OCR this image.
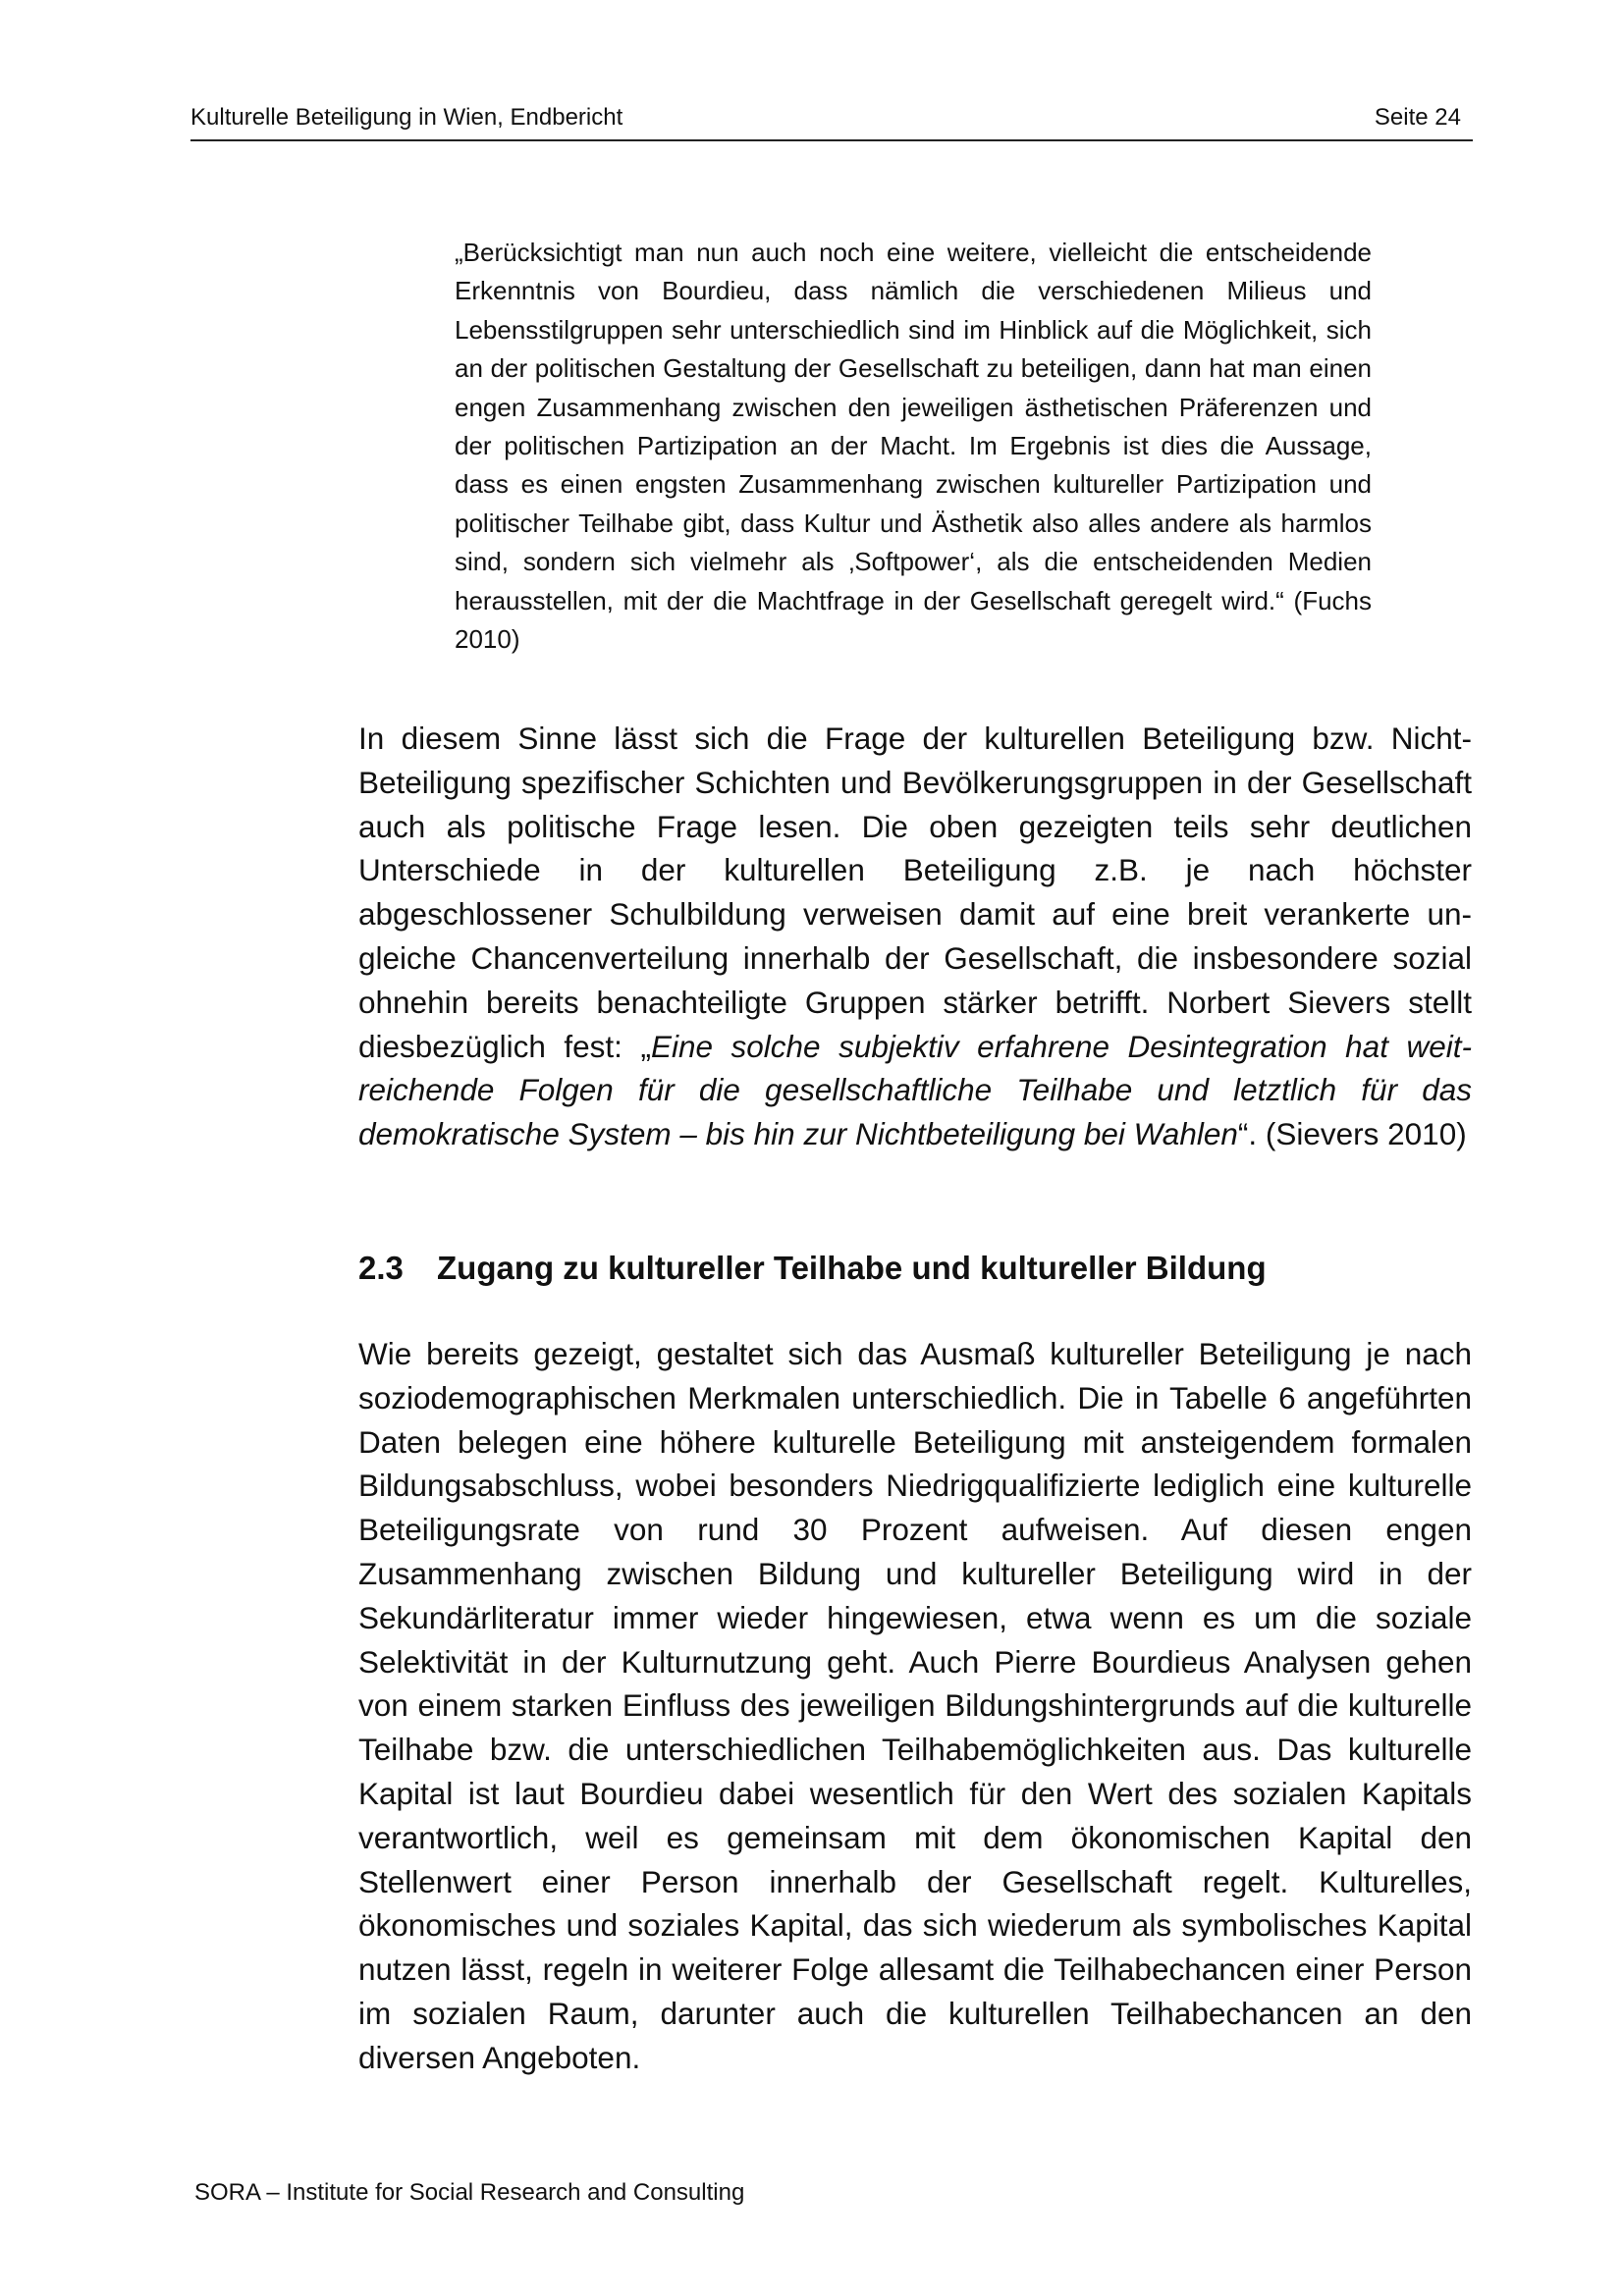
Kulturelle Beteiligung in Wien, Endbericht	Seite 24

„Berücksichtigt man nun auch noch eine weitere, vielleicht die entscheidende Erkenntnis von Bourdieu, dass nämlich die verschiedenen Milieus und Lebensstilgruppen sehr unterschiedlich sind im Hinblick auf die Möglichkeit, sich an der politischen Gestaltung der Gesellschaft zu beteiligen, dann hat man einen engen Zusammenhang zwischen den jeweiligen ästhetischen Präferenzen und der politischen Partizipation an der Macht. Im Ergebnis ist dies die Aussage, dass es einen engsten Zusammenhang zwischen kultureller Partizipation und politischer Teilhabe gibt, dass Kultur und Ästhetik also alles andere als harmlos sind, sondern sich vielmehr als ‚Softpower‘, als die entscheidenden Medien herausstellen, mit der die Machtfrage in der Gesellschaft geregelt wird.“ (Fuchs 2010)

In diesem Sinne lässt sich die Frage der kulturellen Beteiligung bzw. Nicht-Beteiligung spezifischer Schichten und Bevölkerungsgruppen in der Gesellschaft auch als politische Frage lesen. Die oben gezeigten teils sehr deutlichen Unterschiede in der kulturellen Beteiligung z.B. je nach höchster abgeschlossener Schulbildung verweisen damit auf eine breit verankerte ungleiche Chancenverteilung innerhalb der Gesellschaft, die insbesondere sozial ohnehin bereits benachteiligte Gruppen stärker betrifft. Norbert Sievers stellt diesbezüglich fest: „Eine solche subjektiv erfahrene Desintegration hat weitreichende Folgen für die gesellschaftliche Teilhabe und letztlich für das demokratische System – bis hin zur Nichtbeteiligung bei Wahlen“. (Sievers 2010)

2.3 Zugang zu kultureller Teilhabe und kultureller Bildung

Wie bereits gezeigt, gestaltet sich das Ausmaß kultureller Beteiligung je nach soziodemographischen Merkmalen unterschiedlich. Die in Tabelle 6 angeführten Daten belegen eine höhere kulturelle Beteiligung mit ansteigendem formalen Bildungsabschluss, wobei besonders Niedrigqualifizierte lediglich eine kulturelle Beteiligungsrate von rund 30 Prozent aufweisen. Auf diesen engen Zusammenhang zwischen Bildung und kultureller Beteiligung wird in der Sekundärliteratur immer wieder hingewiesen, etwa wenn es um die soziale Selektivität in der Kulturnutzung geht. Auch Pierre Bourdieus Analysen gehen von einem starken Einfluss des jeweiligen Bildungshintergrunds auf die kulturelle Teilhabe bzw. die unterschiedlichen Teilhabemöglichkeiten aus. Das kulturelle Kapital ist laut Bourdieu dabei wesentlich für den Wert des sozialen Kapitals verantwortlich, weil es gemeinsam mit dem ökonomischen Kapital den Stellenwert einer Person innerhalb der Gesellschaft regelt. Kulturelles, ökonomisches und soziales Kapital, das sich wiederum als symbolisches Kapital nutzen lässt, regeln in weiterer Folge allesamt die Teilhabechancen einer Person im sozialen Raum, darunter auch die kulturellen Teilhabechancen an den diversen Angeboten.

SORA – Institute for Social Research and Consulting
